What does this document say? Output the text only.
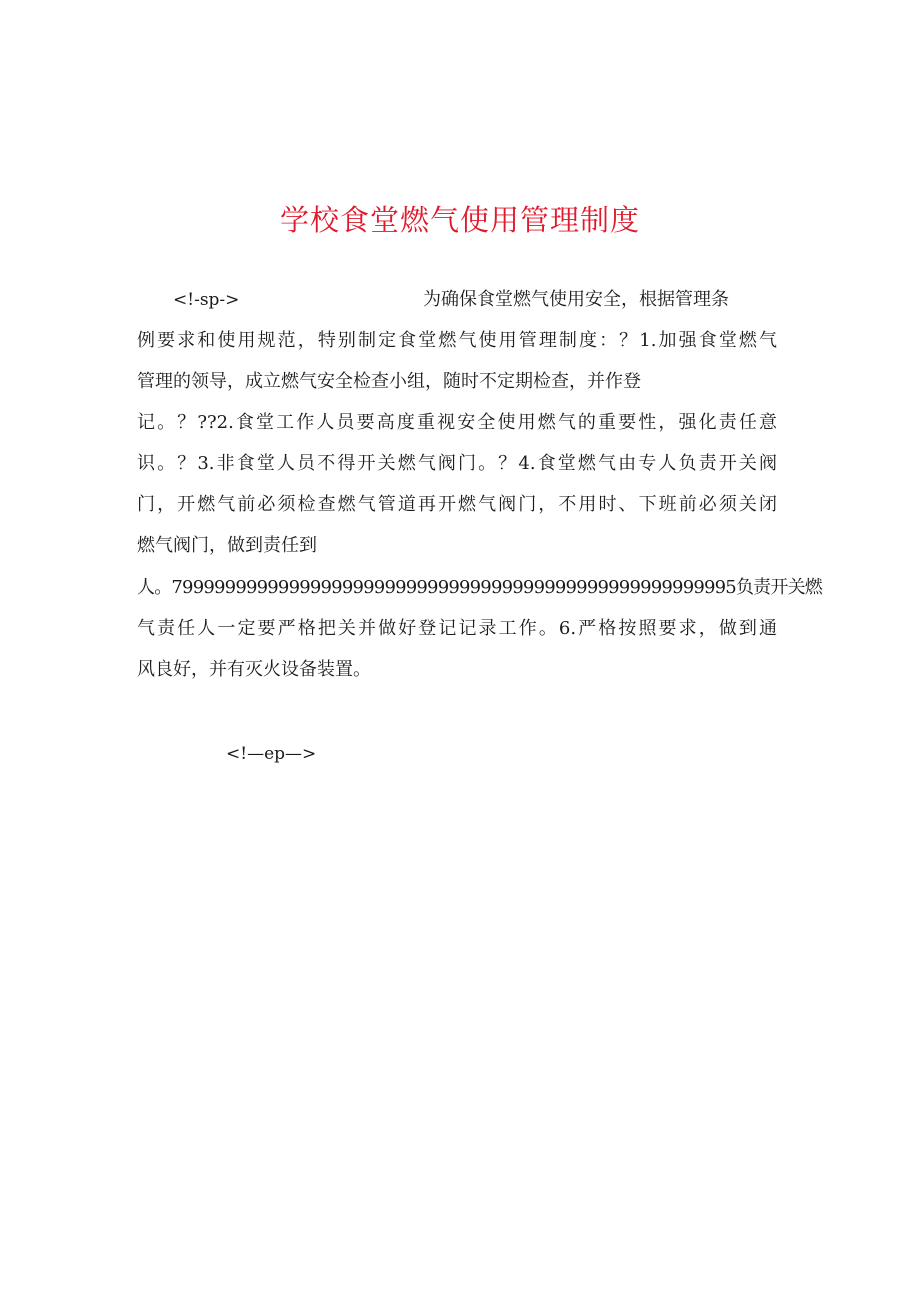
学校食堂燃气使用管理制度
<!-sp->	为确保食堂燃气使用安全，根据管理条
例要求和使用规范，特别制定食堂燃气使用管理制度：？1.加强食堂燃气
管理的领导，成立燃气安全检查小组，随时不定期检查，并作登
记。？??2.食堂工作人员要高度重视安全使用燃气的重要性，强化责任意
识。？3.非食堂人员不得开关燃气阀门。？4.食堂燃气由专人负责开关阀
门，开燃气前必须检查燃气管道再开燃气阀门，不用时、下班前必须关闭
燃气阀门，做到责任到
人。79999999999999999999999999999999999999999999999999995负责开关燃
气责任人一定要严格把关并做好登记记录工作。6.严格按照要求，做到通
风良好，并有灭火设备装置。
<!—ep—>
